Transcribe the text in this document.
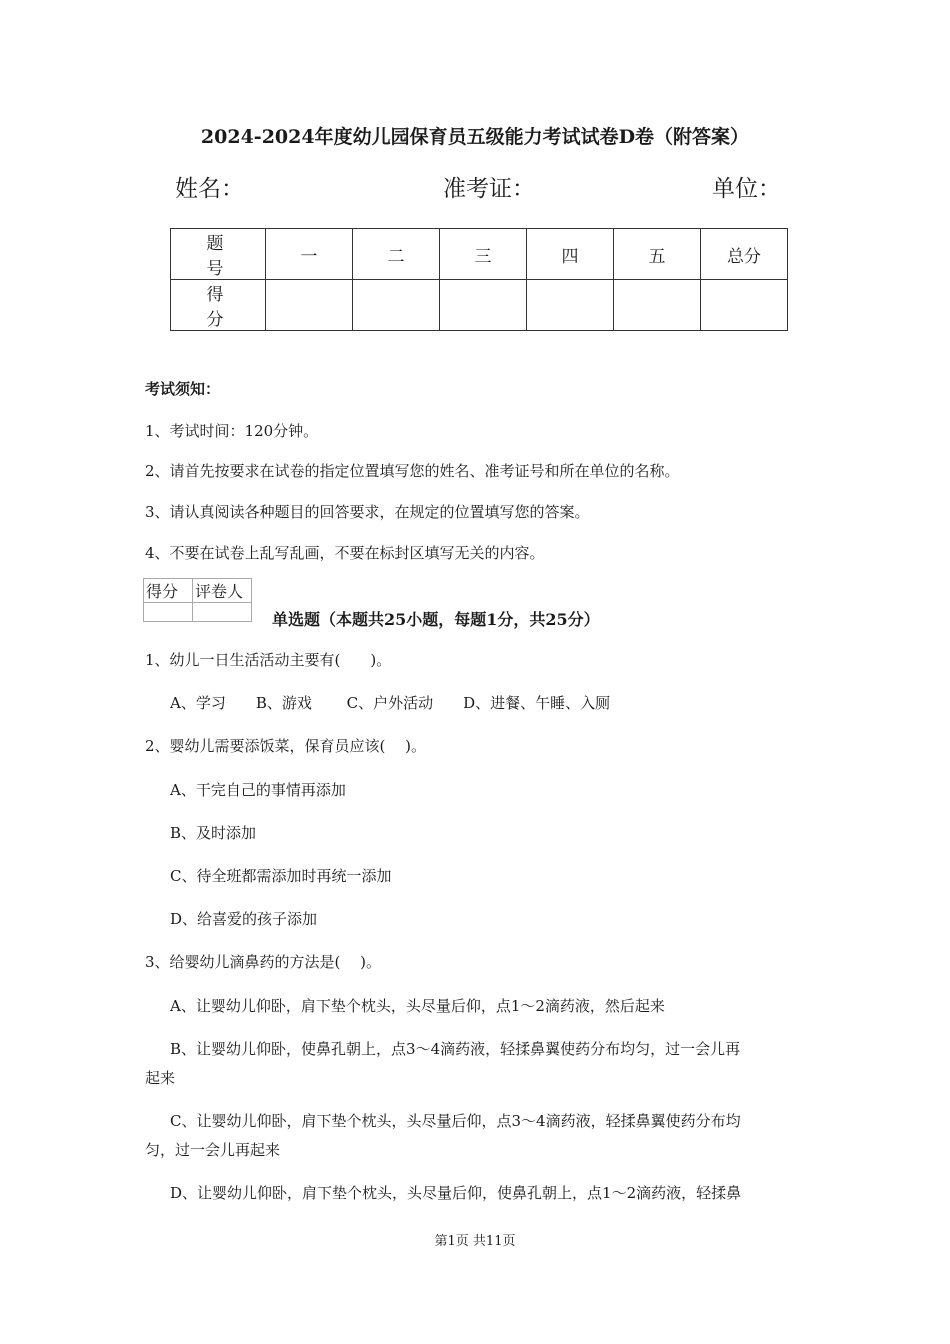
2024-2024年度幼儿园保育员五级能力考试试卷D卷（附答案）
姓名：	准考证：	单位：
题　号	一	二	三	四	五	总分
得　分						
考试须知：
1、考试时间：120分钟。
2、请首先按要求在试卷的指定位置填写您的姓名、准考证号和所在单位的名称。
3、请认真阅读各种题目的回答要求，在规定的位置填写您的答案。
4、不要在试卷上乱写乱画，不要在标封区填写无关的内容。
得分	评卷人

单选题（本题共25小题，每题1分，共25分）
1、幼儿一日生活活动主要有(　　)。
A、学习　　B、游戏　　 C、户外活动　　D、进餐、午睡、入厕
2、婴幼儿需要添饭菜，保育员应该(　 )。
A、干完自己的事情再添加
B、及时添加
C、待全班都需添加时再统一添加
D、给喜爱的孩子添加
3、给婴幼儿滴鼻药的方法是(　 )。
A、让婴幼儿仰卧，肩下垫个枕头，头尽量后仰，点1～2滴药液，然后起来
B、让婴幼儿仰卧，使鼻孔朝上，点3～4滴药液，轻揉鼻翼使药分布均匀，过一会儿再
起来
C、让婴幼儿仰卧，肩下垫个枕头，头尽量后仰，点3～4滴药液，轻揉鼻翼使药分布均
匀，过一会儿再起来
D、让婴幼儿仰卧，肩下垫个枕头，头尽量后仰，使鼻孔朝上，点1～2滴药液，轻揉鼻
第1页 共11页
